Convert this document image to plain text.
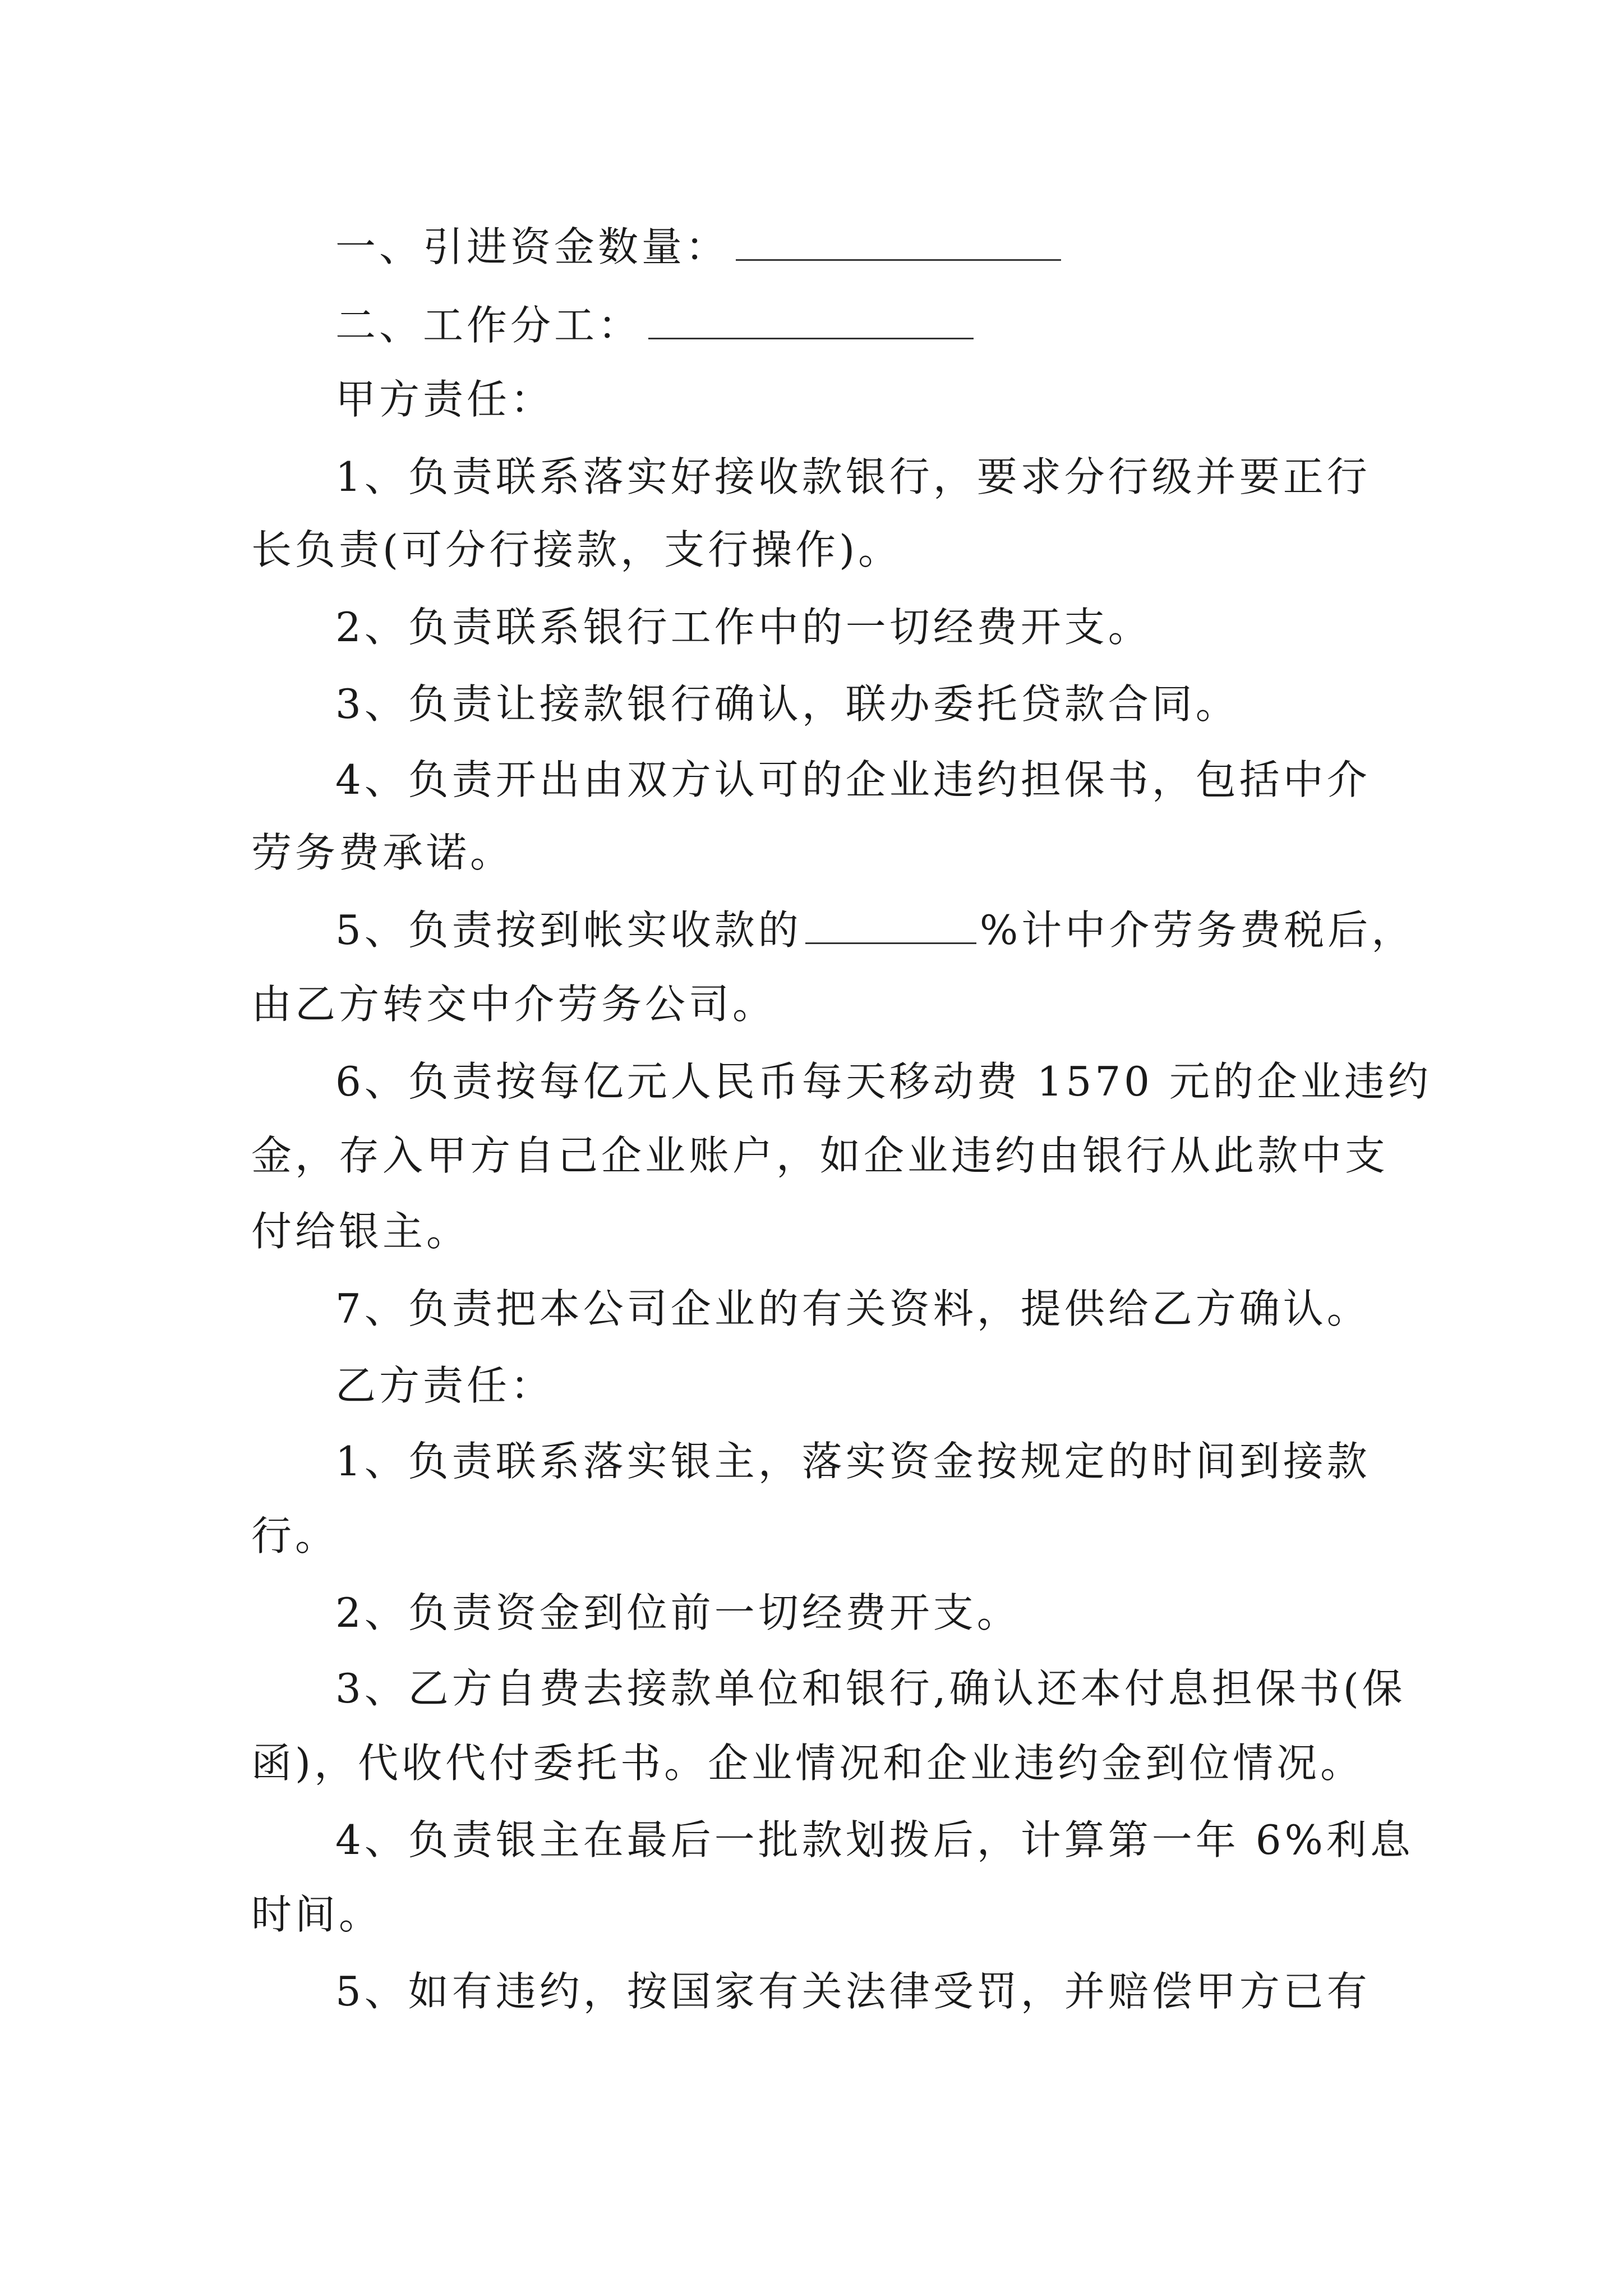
一、引进资金数量：
二、工作分工：
甲方责任：
1、负责联系落实好接收款银行，要求分行级并要正行
长负责(可分行接款，支行操作)。
2、负责联系银行工作中的一切经费开支。
3、负责让接款银行确认，联办委托贷款合同。
4、负责开出由双方认可的企业违约担保书，包括中介
劳务费承诺。
5、负责按到帐实收款的	%计中介劳务费税后，
由乙方转交中介劳务公司。
6、负责按每亿元人民币每天移动费 1570 元的企业违约
金，存入甲方自己企业账户，如企业违约由银行从此款中支
付给银主。
7、负责把本公司企业的有关资料，提供给乙方确认。
乙方责任：
1、负责联系落实银主，落实资金按规定的时间到接款
行。
2、负责资金到位前一切经费开支。
3、乙方自费去接款单位和银行,确认还本付息担保书(保
函)，代收代付委托书。企业情况和企业违约金到位情况。
4、负责银主在最后一批款划拨后，计算第一年 6%利息
时间。
5、如有违约，按国家有关法律受罚，并赔偿甲方已有
